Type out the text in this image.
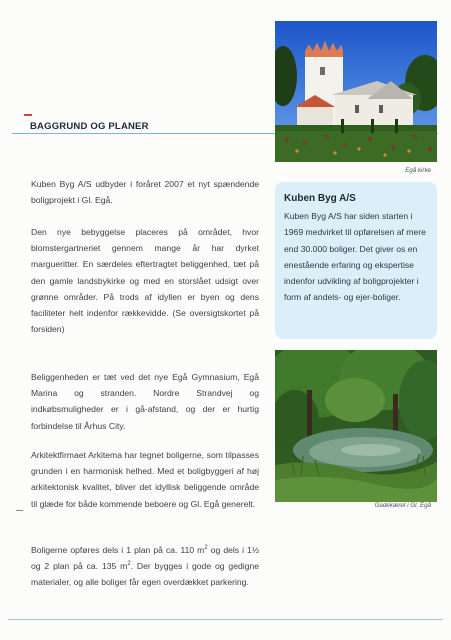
BAGGRUND OG PLANER

Kuben Byg A/S udbyder i foråret 2007 et nyt spændende boligprojekt i Gl. Egå.

Den nye bebyggelse placeres på området, hvor blomstergartneriet gennem mange år har dyrket margueritter. En særdeles eftertragtet beliggenhed, tæt på den gamle landsbykirke og med en storslået udsigt over grønne områder. På trods af idyllen er byen og dens faciliteter helt indenfor rækkevidde. (Se oversigtskortet på forsiden)

Beliggenheden er tæt ved det nye Egå Gymnasium, Egå Marina og stranden. Nordre Strandvej og indkøbsmuligheder er i gå-afstand, og der er hurtig forbindelse til Århus City.

Arkitektfirmaet Arkitema har tegnet boligerne, som tilpasses grunden i en harmonisk helhed. Med et boligbyggeri af høj arkitektonisk kvalitet, bliver det idyllisk beliggende område til glæde for både kommende beboere og Gl. Egå generelt.

Boligerne opføres dels i 1 plan på ca. 110 $m^2$ og dels i 1½ og 2 plan på ca. 135 $m^2$. Der bygges i gode og gedigne materialer, og alle boliger får egen overdækket parkering.

Egå kirke
Kuben Byg A/S
Kuben Byg A/S har siden starten i 1969 medvirket til opførelsen af mere end 30.000 boliger. Det giver os en enestående erfaring og ekspertise indenfor udvikling af boligprojekter i form af andels- og ejer-boliger.
Gadekæret i Gl. Egå
